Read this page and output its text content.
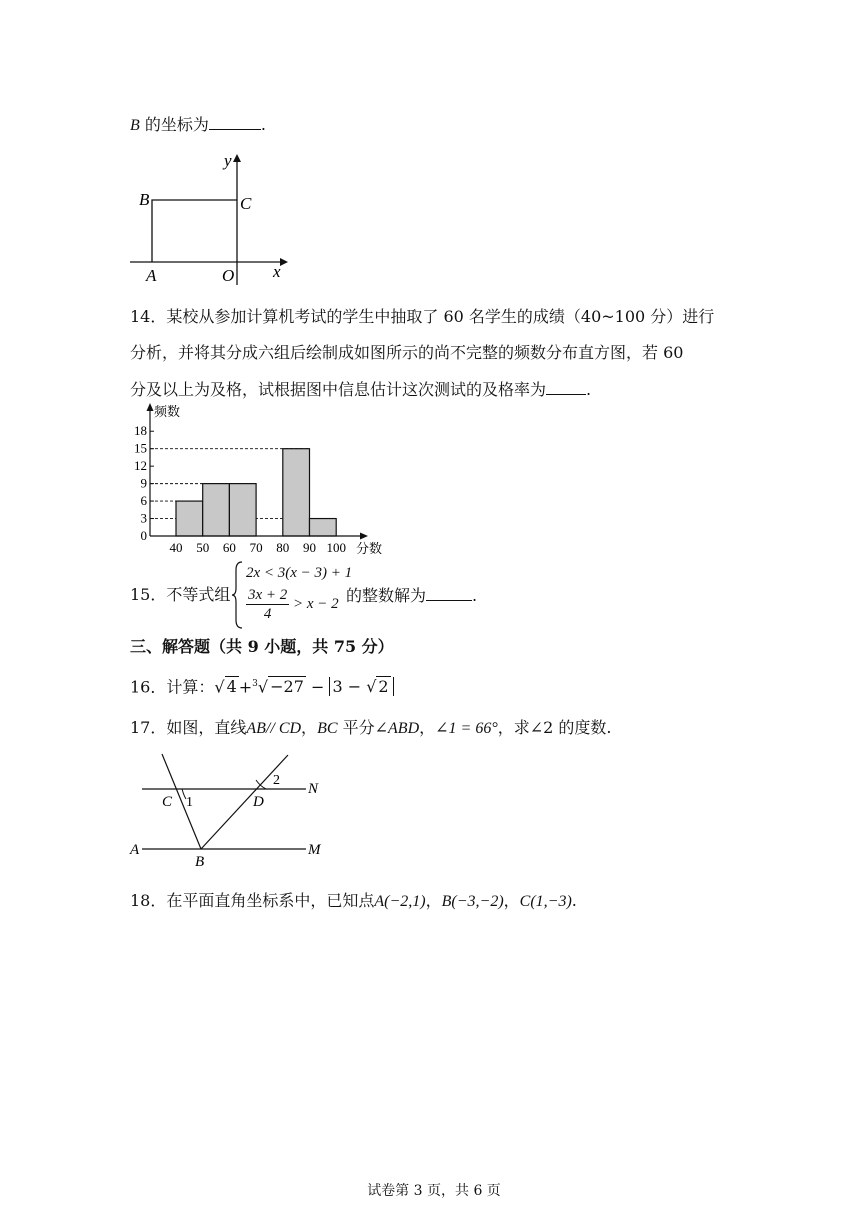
B 的坐标为	.
y
x
B	C
A	O
14．某校从参加计算机考试的学生中抽取了 60 名学生的成绩（40~100 分）进行
分析，并将其分成六组后绘制成如图所示的尚不完整的频数分布直方图，若 60
分及以上为及格，试根据图中信息估计这次测试的及格率为	.
0
3
6
9
12
15
18
40 50 60 70 80 90 100
频数
分数
15．不等式组
2x < 3(x − 3) + 1
$\frac{3x + 2}{4} > x - 2$ 的整数解为	.
三、解答题（共 9 小题，共 75 分）
16．计算：√ 4 +$^3$√ −27 − 3 − √ 2
17．如图，直线AB// CD，BC 平分∠ABD，∠1 = 66°，求∠2 的度数.
C 1	D
2
N
A
B
M
18．在平面直角坐标系中，已知点A(−2,1)，B(−3,−2)，C(1,−3).
试卷第 3 页，共 6 页
